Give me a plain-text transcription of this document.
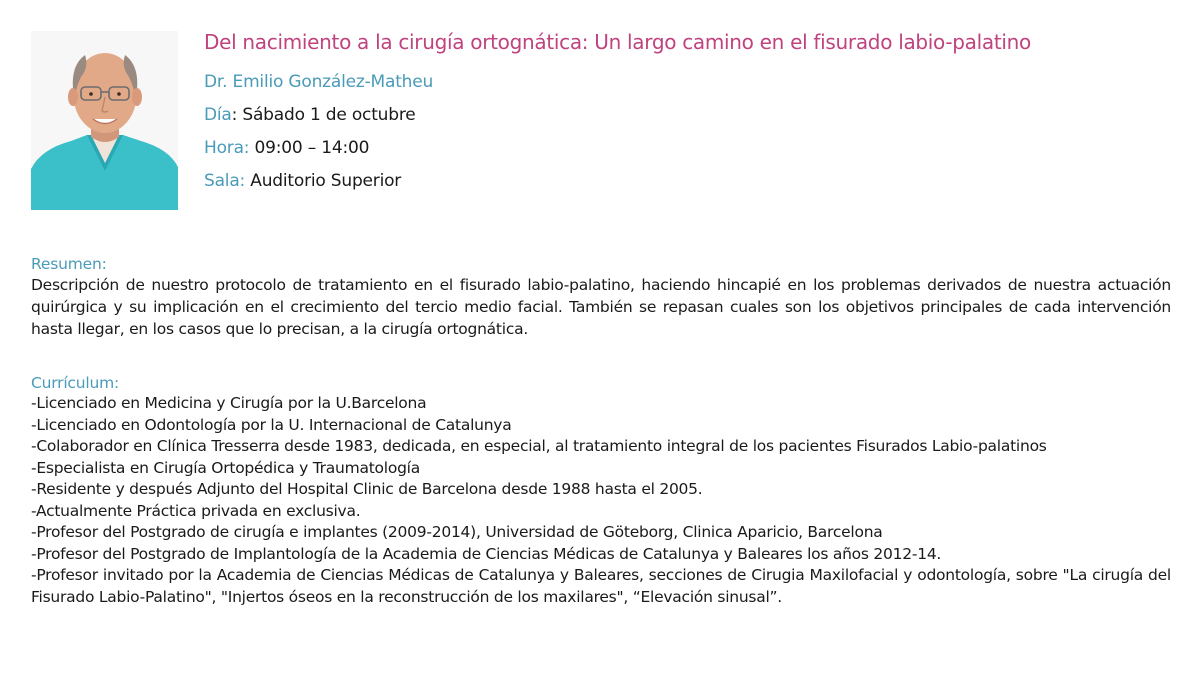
Del nacimiento a la cirugía ortognática: Un largo camino en el fisurado labio-palatino
Dr. Emilio González-Matheu
Día: Sábado 1 de octubre
Hora: 09:00 – 14:00
Sala: Auditorio Superior
Resumen:
Descripción de nuestro protocolo de tratamiento en el fisurado labio-palatino, haciendo hincapié en los problemas derivados de nuestra actuación quirúrgica y su implicación en el crecimiento del tercio medio facial. También se repasan cuales son los objetivos principales de cada intervención hasta llegar, en los casos que lo precisan, a la cirugía ortognática.
Currículum:
-Licenciado en Medicina y Cirugía por la U.Barcelona
-Licenciado en Odontología por la U. Internacional de Catalunya
-Colaborador en Clínica Tresserra desde 1983, dedicada, en especial, al tratamiento integral de los pacientes Fisurados Labio-palatinos
-Especialista en Cirugía Ortopédica y Traumatología
-Residente y después Adjunto del Hospital Clinic de Barcelona desde 1988 hasta el 2005.
-Actualmente Práctica privada en exclusiva.
-Profesor del Postgrado de cirugía e implantes (2009-2014), Universidad de Göteborg, Clinica Aparicio, Barcelona
-Profesor del Postgrado de Implantología de la Academia de Ciencias Médicas de Catalunya y Baleares los años 2012-14.
-Profesor invitado por la Academia de Ciencias Médicas de Catalunya y Baleares, secciones de Cirugia Maxilofacial y odontología, sobre "La cirugía del Fisurado Labio-Palatino", "Injertos óseos en la reconstrucción de los maxilares", “Elevación sinusal”.
